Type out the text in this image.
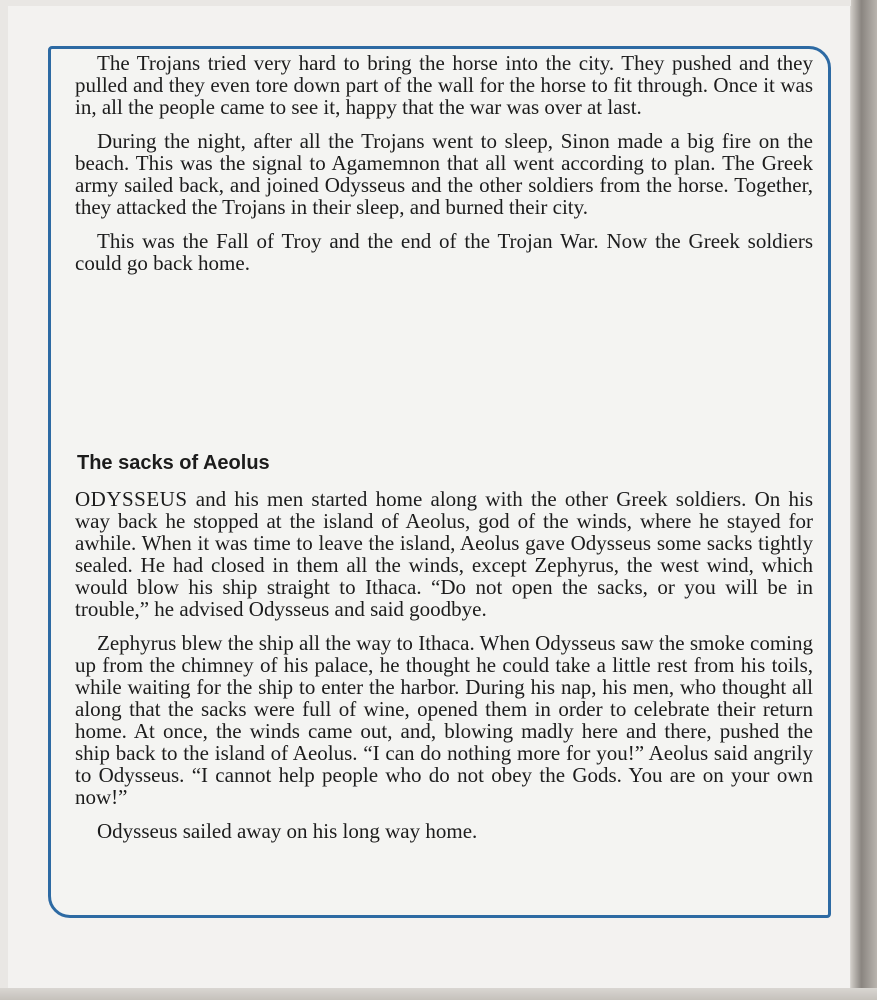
The Trojans tried very hard to bring the horse into the city. They pushed and they pulled and they even tore down part of the wall for the horse to fit through. Once it was in, all the people came to see it, happy that the war was over at last.

During the night, after all the Trojans went to sleep, Sinon made a big fire on the beach. This was the signal to Agamemnon that all went according to plan. The Greek army sailed back, and joined Odysseus and the other soldiers from the horse. Together, they attacked the Trojans in their sleep, and burned their city.

This was the Fall of Troy and the end of the Trojan War. Now the Greek soldiers could go back home.

The sacks of Aeolus

ODYSSEUS and his men started home along with the other Greek soldiers. On his way back he stopped at the island of Aeolus, god of the winds, where he stayed for awhile. When it was time to leave the island, Aeolus gave Odysseus some sacks tightly sealed. He had closed in them all the winds, except Zephyrus, the west wind, which would blow his ship straight to Ithaca. “Do not open the sacks, or you will be in trouble,” he advised Odysseus and said goodbye.

Zephyrus blew the ship all the way to Ithaca. When Odysseus saw the smoke coming up from the chimney of his palace, he thought he could take a little rest from his toils, while waiting for the ship to enter the harbor. During his nap, his men, who thought all along that the sacks were full of wine, opened them in order to celebrate their return home. At once, the winds came out, and, blowing madly here and there, pushed the ship back to the island of Aeolus. “I can do nothing more for you!” Aeolus said angrily to Odysseus. “I cannot help people who do not obey the Gods. You are on your own now!”

Odysseus sailed away on his long way home.
